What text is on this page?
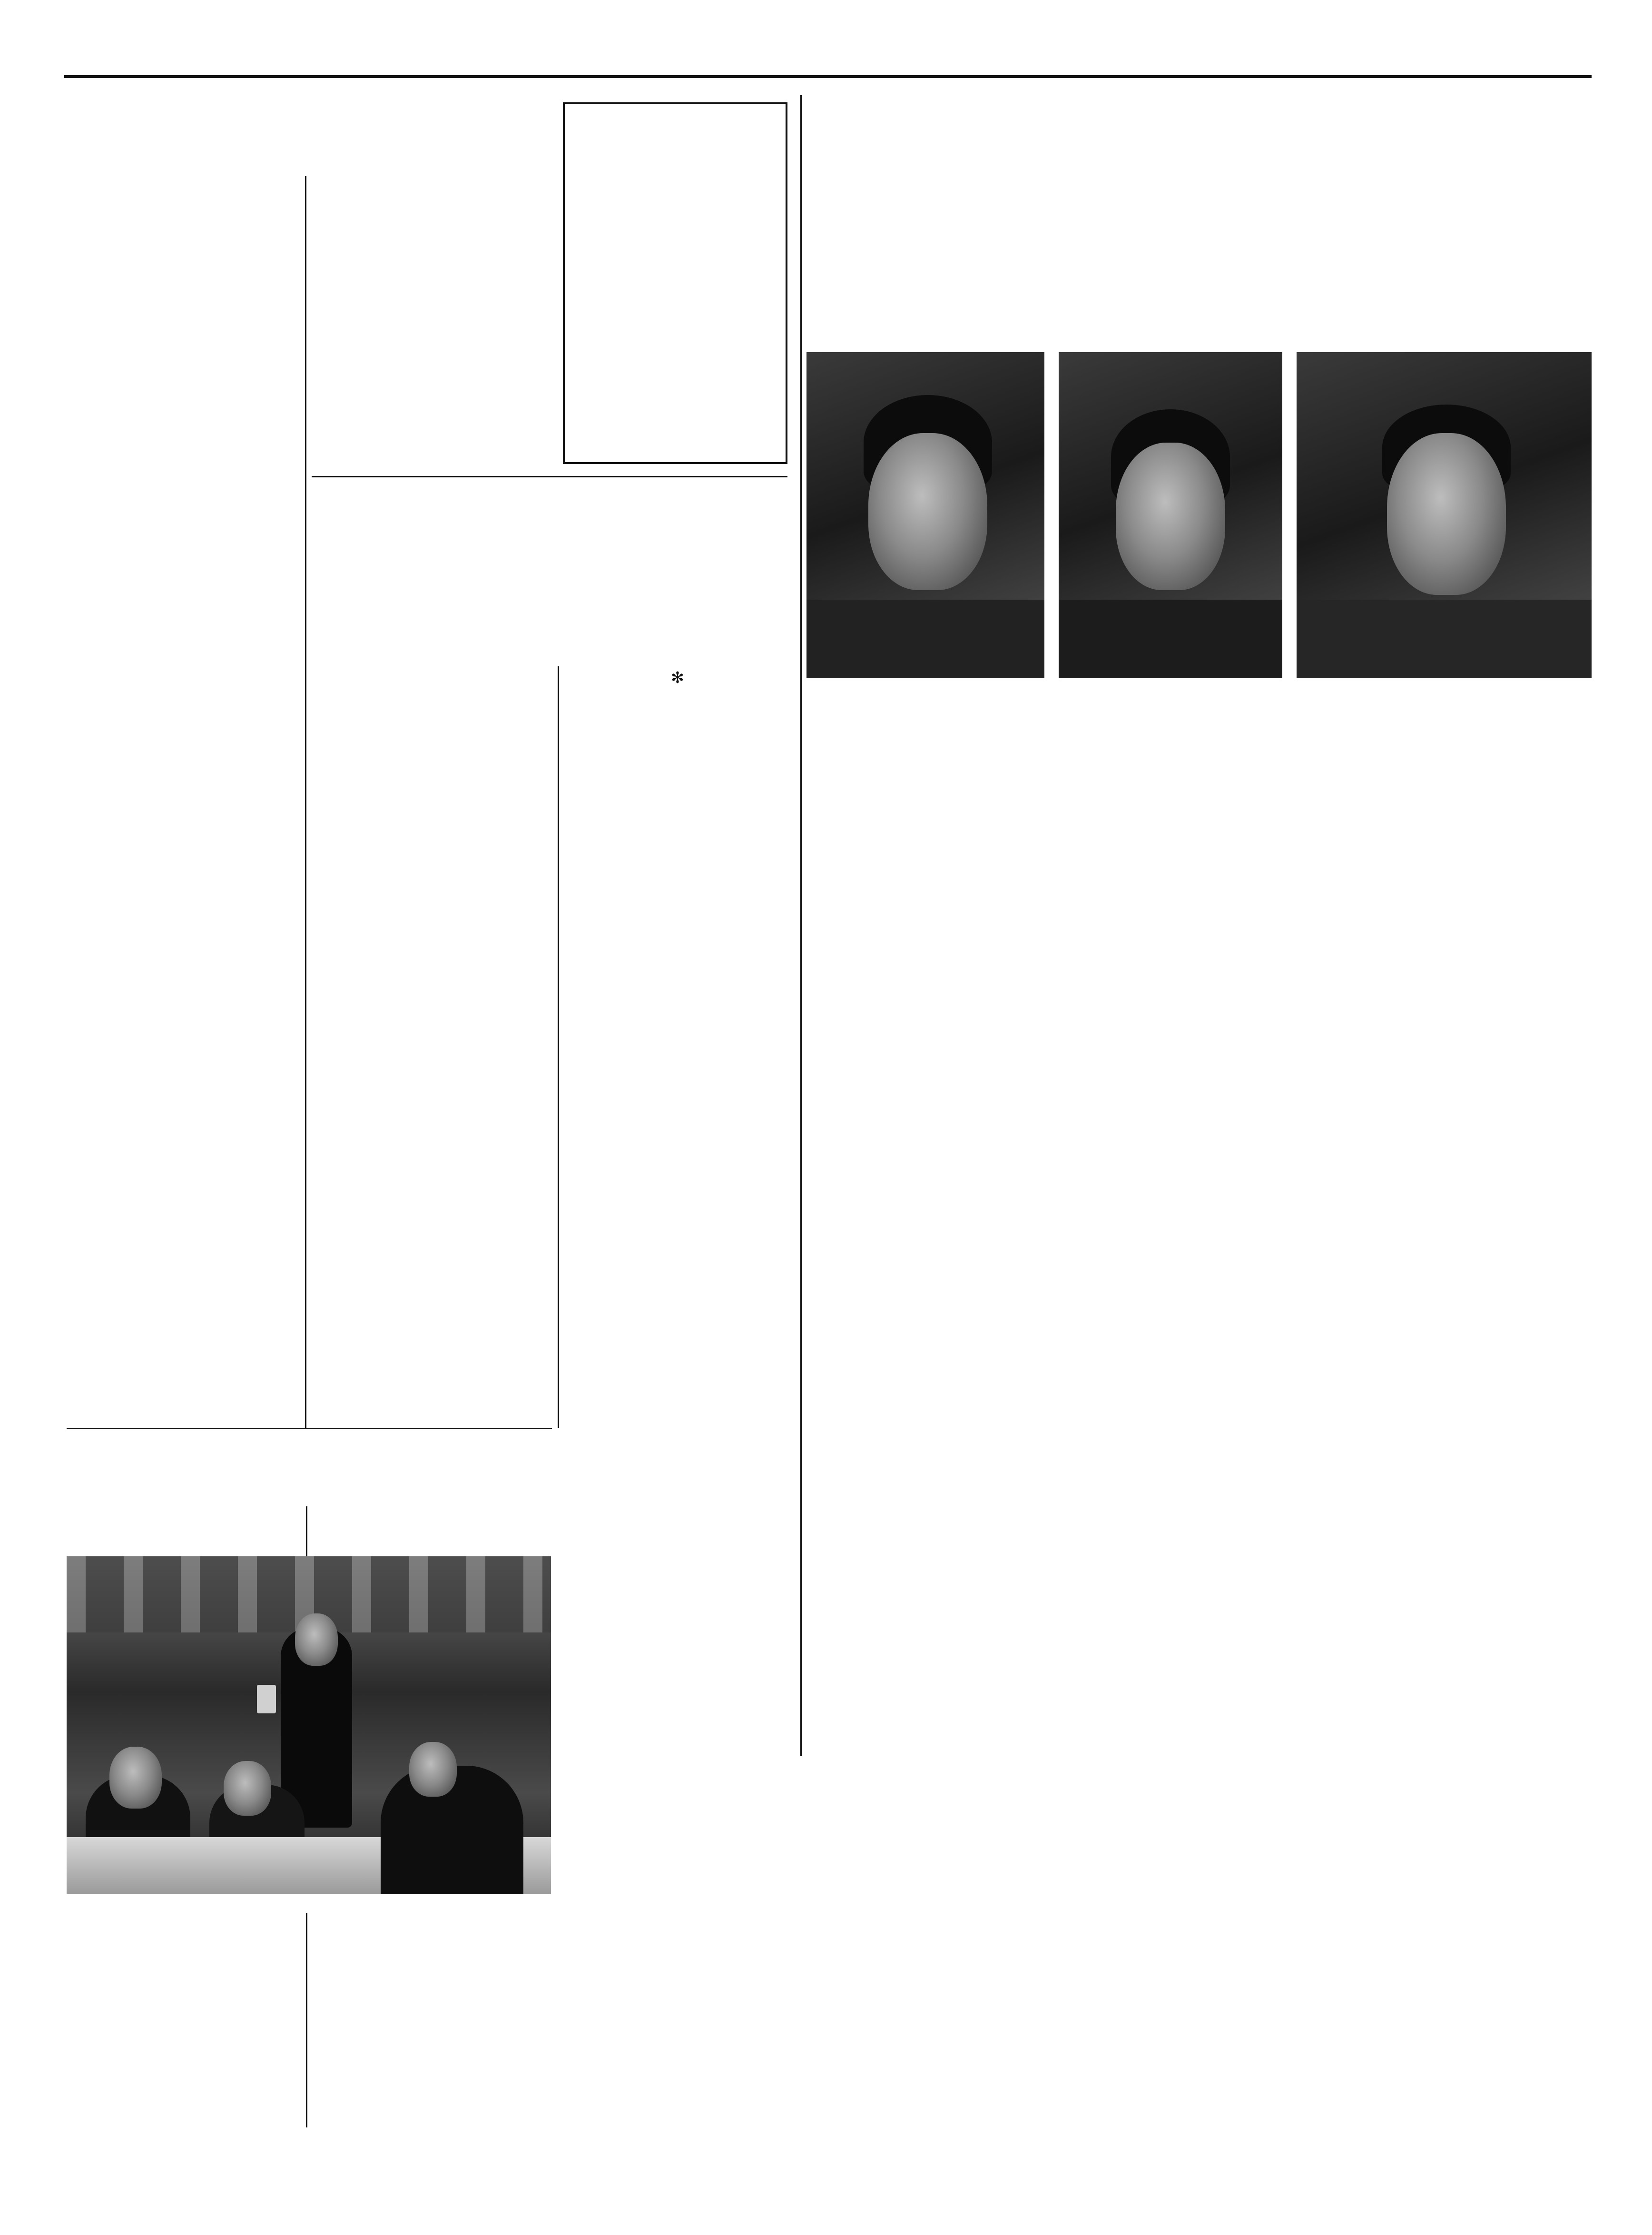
✻
